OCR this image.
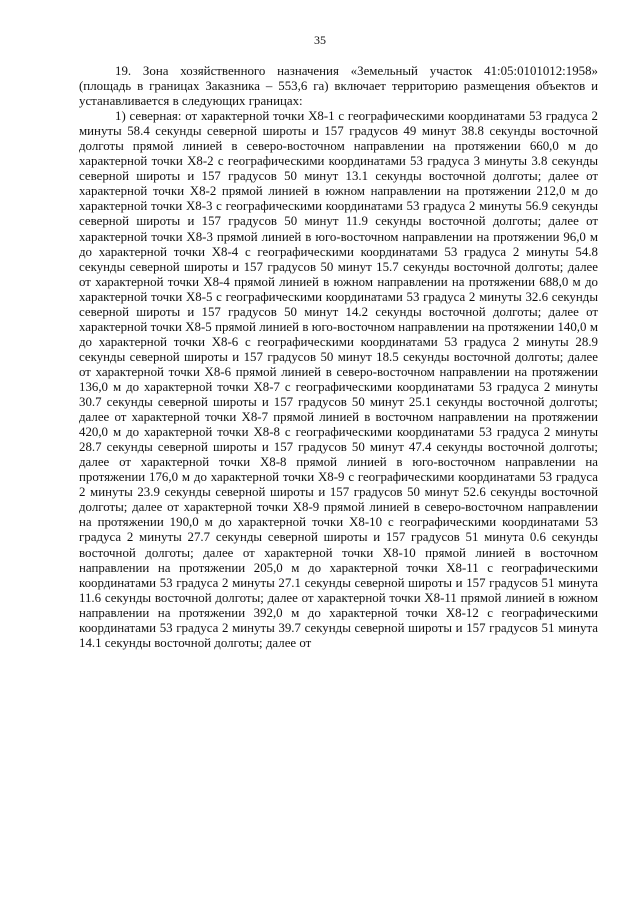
35

19. Зона хозяйственного назначения «Земельный участок 41:05:0101012:1958» (площадь в границах Заказника – 553,6 га) включает территорию размещения объектов и устанавливается в следующих границах:

1) северная: от характерной точки Х8-1 с географическими координатами 53 градуса 2 минуты 58.4 секунды северной широты и 157 градусов 49 минут 38.8 секунды восточной долготы прямой линией в северо-восточном направлении на протяжении 660,0 м до характерной точки Х8-2 с географическими координатами 53 градуса 3 минуты 3.8 секунды северной широты и 157 градусов 50 минут 13.1 секунды восточной долготы; далее от характерной точки Х8-2 прямой линией в южном направлении на протяжении 212,0 м до характерной точки Х8-3 с географическими координатами 53 градуса 2 минуты 56.9 секунды северной широты и 157 градусов 50 минут 11.9 секунды восточной долготы; далее от характерной точки Х8-3 прямой линией в юго-восточном направлении на протяжении 96,0 м до характерной точки Х8-4 с географическими координатами 53 градуса 2 минуты 54.8 секунды северной широты и 157 градусов 50 минут 15.7 секунды восточной долготы; далее от характерной точки Х8-4 прямой линией в южном направлении на протяжении 688,0 м до характерной точки Х8-5 с географическими координатами 53 градуса 2 минуты 32.6 секунды северной широты и 157 градусов 50 минут 14.2 секунды восточной долготы; далее от характерной точки Х8-5 прямой линией в юго-восточном направлении на протяжении 140,0 м до характерной точки Х8-6 с географическими координатами 53 градуса 2 минуты 28.9 секунды северной широты и 157 градусов 50 минут 18.5 секунды восточной долготы; далее от характерной точки Х8-6 прямой линией в северо-восточном направлении на протяжении 136,0 м до характерной точки Х8-7 с географическими координатами 53 градуса 2 минуты 30.7 секунды северной широты и 157 градусов 50 минут 25.1 секунды восточной долготы; далее от характерной точки Х8-7 прямой линией в восточном направлении на протяжении 420,0 м до характерной точки Х8-8 с географическими координатами 53 градуса 2 минуты 28.7 секунды северной широты и 157 градусов 50 минут 47.4 секунды восточной долготы; далее от характерной точки Х8-8 прямой линией в юго-восточном направлении на протяжении 176,0 м до характерной точки Х8-9 с географическими координатами 53 градуса 2 минуты 23.9 секунды северной широты и 157 градусов 50 минут 52.6 секунды восточной долготы; далее от характерной точки Х8-9 прямой линией в северо-восточном направлении на протяжении 190,0 м до характерной точки Х8-10 с географическими координатами 53 градуса 2 минуты 27.7 секунды северной широты и 157 градусов 51 минута 0.6 секунды восточной долготы; далее от характерной точки Х8-10 прямой линией в восточном направлении на протяжении 205,0 м до характерной точки Х8-11 с географическими координатами 53 градуса 2 минуты 27.1 секунды северной широты и 157 градусов 51 минута 11.6 секунды восточной долготы; далее от характерной точки Х8-11 прямой линией в южном направлении на протяжении 392,0 м до характерной точки Х8-12 с географическими координатами 53 градуса 2 минуты 39.7 секунды северной широты и 157 градусов 51 минута 14.1 секунды восточной долготы; далее от
